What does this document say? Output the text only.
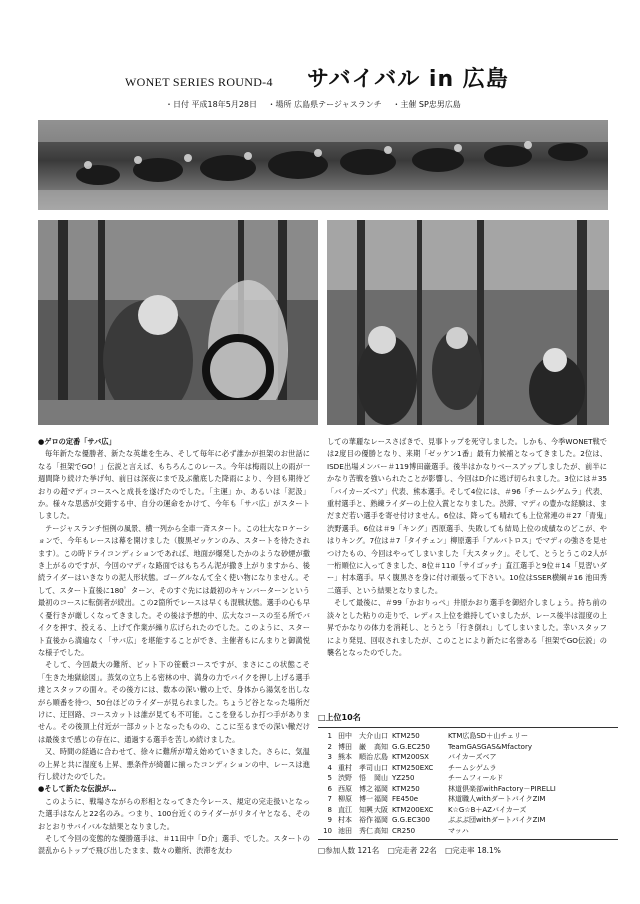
WONET SERIES ROUND-4 サバイバル in 広島
・日付 平成18年5月28日 ・場所 広島県テージャスランチ ・主催 SP忠男広島

●ゲロの定番「サバ広」

毎年新たな優勝者、新たな英雄を生み、そして毎年に必ず誰かが担架のお世話になる「担架でGO！」伝説と言えば、もちろんこのレース。今年は梅雨以上の雨が一週間降り続けた挙げ句、前日は深夜にまで及ぶ徹底した降雨により、今回も期待どおりの超マディコースへと成長を遂げたのでした。「主運」か、あるいは「泥汲」か。様々な思惑が交錯する中、自分の運命をかけて、今年も「サバ広」がスタートしました。

テージャスランチ恒例の風景、横一列から全車一斉スタート。この壮大なロケーションで、今年もレースは幕を開けました（腹黒ゼッケンのみ、スタートを待たされます）。この時ドライコンディションであれば、地面が爆発したかのような砂煙が撒き上がるのですが、今回のマディな路面ではもちろん泥が撒き上がりますから、後続ライダーはいきなりの泥人形状態。ゴーグルなんて全く使い物になりません。そして、スタート直後に180゜ターン、そのすぐ先には最初のキャンバーターンという最初のコースに転倒者が続出。この2箇所でレースは早くも混戦状態。選手の心も早く憂行きが厳しくなってきました。その後は予想的中、広大なコースの至る所でバイクを押す、投える、上げて作業が繰り広げられたのでした。このように、スタート直後から満遍なく「サバ広」を堪能することができ、主催者もにんまりと御満悦な様子でした。

そして、今回最大の難所、ピット下の笹藪コースですが、まさにこの状態こそ「生きた地獄絵図」。蒸気の立ち上る密林の中、満身の力でバイクを押し上げる選手達とスタッフの面々。その後方には、数本の深い轍の上で、身体から湯気を出しながら順番を待つ、50台ほどのライダーが見られました。ちょうど谷となった場所だけに、迂回路、コースカットは誰が見ても不可能。ここを登るしか打つ手がありません。その後頂上付近が一部カットとなったものの、ここに至るまでの深い轍だけは最後まで感じの存在に、通過する選手を苦しめ続けました。

又、時間の経過に合わせて、徐々に難所が増え始めていきました。さらに、気温の上昇と共に湿度も上昇、悪条件が綺麗に揃ったコンディションの中、レースは進行し続けたのでした。

●そして新たな伝説が…

このように、戦場さながらの形相となってきた今レース、規定の完走扱いとなった選手はなんと22名のみ。つまり、100台近くのライダーがリタイヤとなる、そのおとおりサバイバルな結果となりました。

そして今回の変態的な優勝選手は、＃11田中「D介」選手、でした。スタートの混乱からトップで飛び出したまま、数々の難所、渋滞を友わ

しての華麗なレースさばきで、見事トップを死守しました。しかも、今季WONET戦では2度目の優勝となり、来期「ゼッケン1番」最有力候補となってきました。2位は、ISDE出場メンバー＃119博田巌選手。後半はかなりベースアップしましたが、前半にかなり苦戦を強いられたことが影響し、今回はD介に逃げ切られました。3位には＃35「バイカーズベア」代表、熊本選手。そして4位には、＃96「チームシゲムラ」代表、重村選手と、熟練ライダーの上位入賞となりました。渋滞、マディの豊かな経験は、まだまだ若い選手を寄せ付けません。6位は、降っても晴れても上位常連の＃27「青鬼」渋野選手。6位は＃9「キング」西原選手、失敗しても結局上位の成績なのどこが、やはりキング。7位は＃7「タイチェン」柳原選手「アルバトロス」でマディの強さを見せつけたもの、今回はやってしまいました「大スタック」。そして、とうとうこの2人が一桁順位に入ってきました、8位＃110「サイゴッチ」直江選手と9位＃14「見習いダー」村本選手。早く腹黒さを身に付け頑張って下さい。10位はSSER横綱＃16 池田秀二選手、という結果となりました。

そして最後に、＃99「かおりっぺ」井原かおり選手を御紹介しましょう。持ち前の淡々とした粘りの走りで、レディス上位を維持していましたが、レース後半は湿度の上昇でかなりの体力を消耗し、とうとう「行き倒れ」してしまいました。幸いスタッフにより発見、回収されましたが、このことにより新たに名誉ある「担架でGO伝説」の襲名となったのでした。

□上位10名
1 田中　大介 山口 KTM250	KTM広島SD＋山チェリー
2 博田　巌	高知 G.G.EC250	TeamGASGAS&Mfactory
3 熊本　順治 広島 KTM200SX	バイカーズベア
4 重村　孝司 山口 KTM250EXC	チームシゲムラ
5 渋野　悟	岡山 YZ250	チームフィールド
6 西原　博之 福岡 KTM250	林道倶楽部withFactory－PIRELLI
7 柳原　博一 福岡 FE450e	林道職人withダートバイクZIM
8 直江　知興 大阪 KTM200EXC	K☆G☆B＋AZバイカーズ
9 村本　裕作 福岡 G.G.EC300	ぶぶぶ団withダートバイクZIM
10 池田　秀仁 高知 CR250	マッハ
□参加人数 121名 □完走者 22名 □完走率 18.1%
